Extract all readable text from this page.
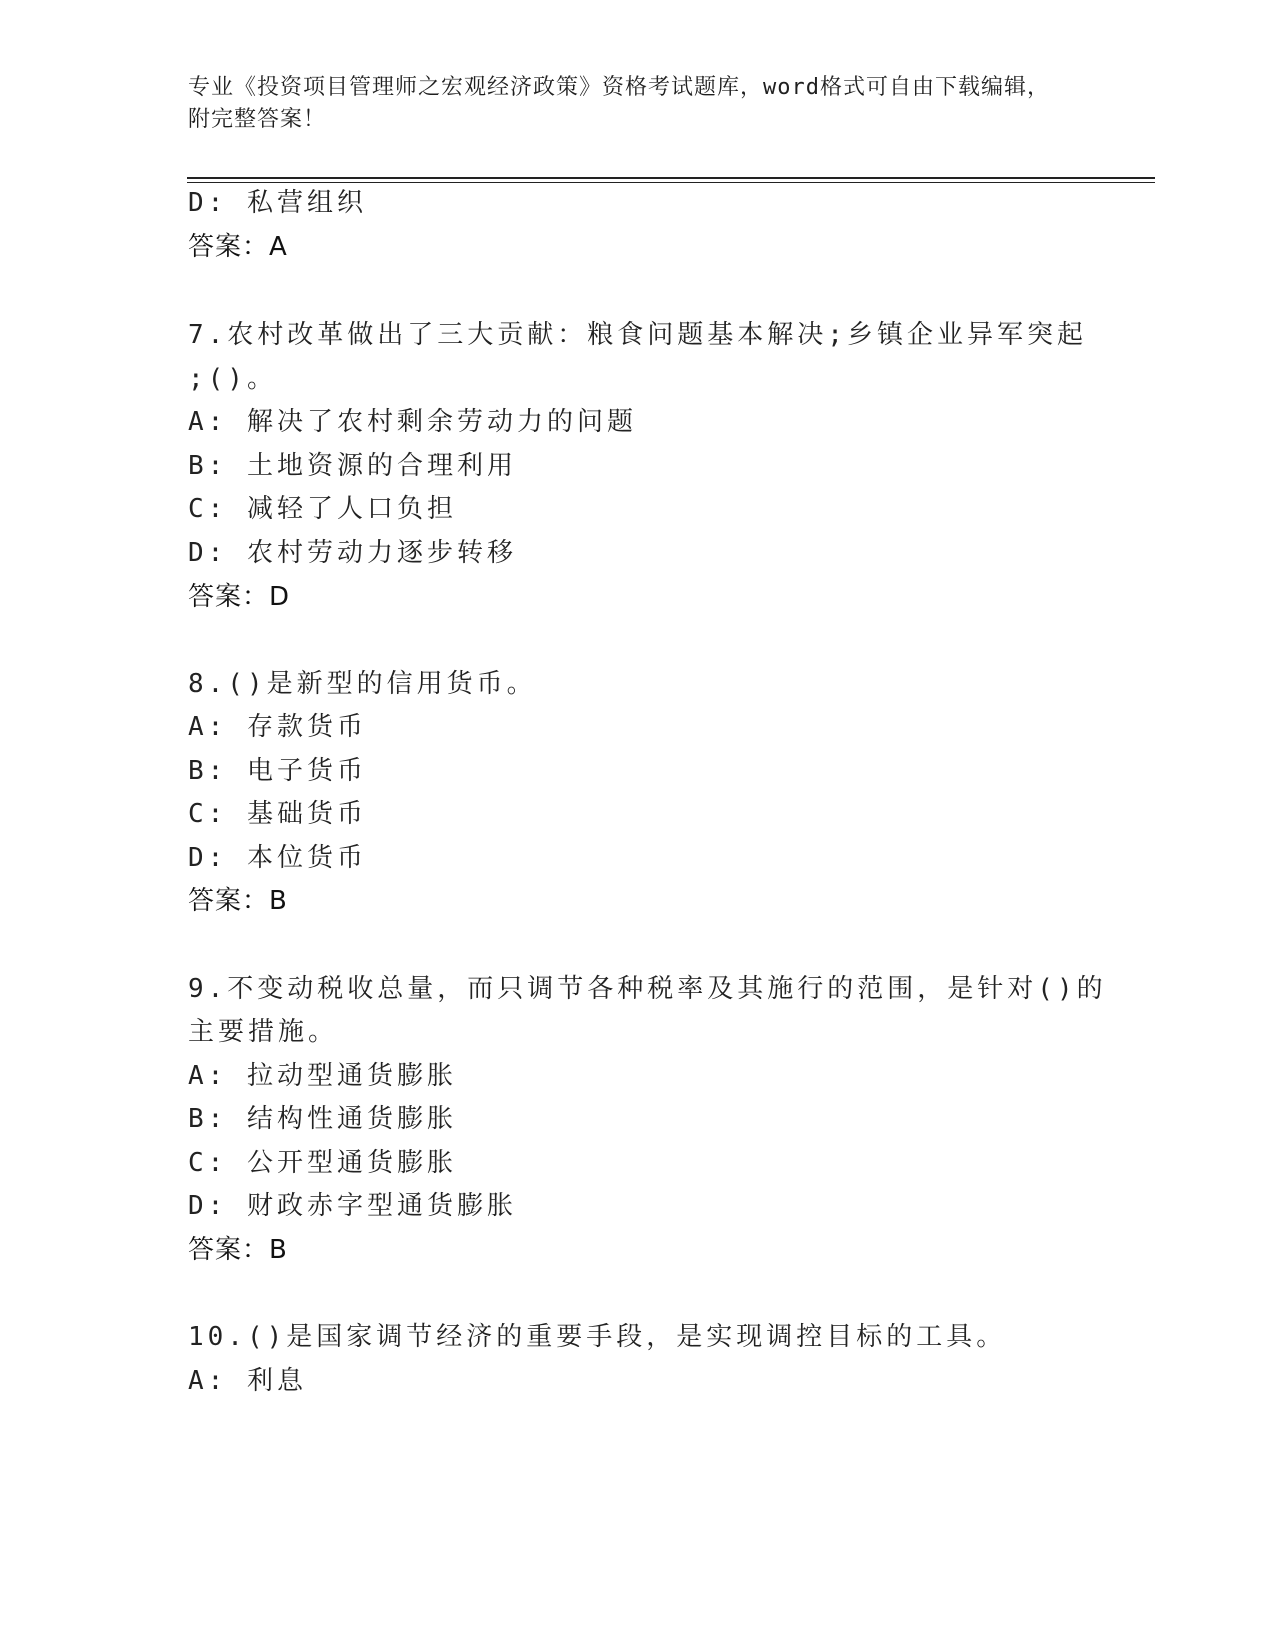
专业《投资项目管理师之宏观经济政策》资格考试题库，word格式可自由下载编辑，附完整答案！
D: 私营组织
答案：A
7.农村改革做出了三大贡献：粮食问题基本解决;乡镇企业异军突起
;()。
A: 解决了农村剩余劳动力的问题
B: 土地资源的合理利用
C: 减轻了人口负担
D: 农村劳动力逐步转移
答案：D
8.()是新型的信用货币。
A: 存款货币
B: 电子货币
C: 基础货币
D: 本位货币
答案：B
9.不变动税收总量，而只调节各种税率及其施行的范围，是针对()的
主要措施。
A: 拉动型通货膨胀
B: 结构性通货膨胀
C: 公开型通货膨胀
D: 财政赤字型通货膨胀
答案：B
10.()是国家调节经济的重要手段，是实现调控目标的工具。
A: 利息
